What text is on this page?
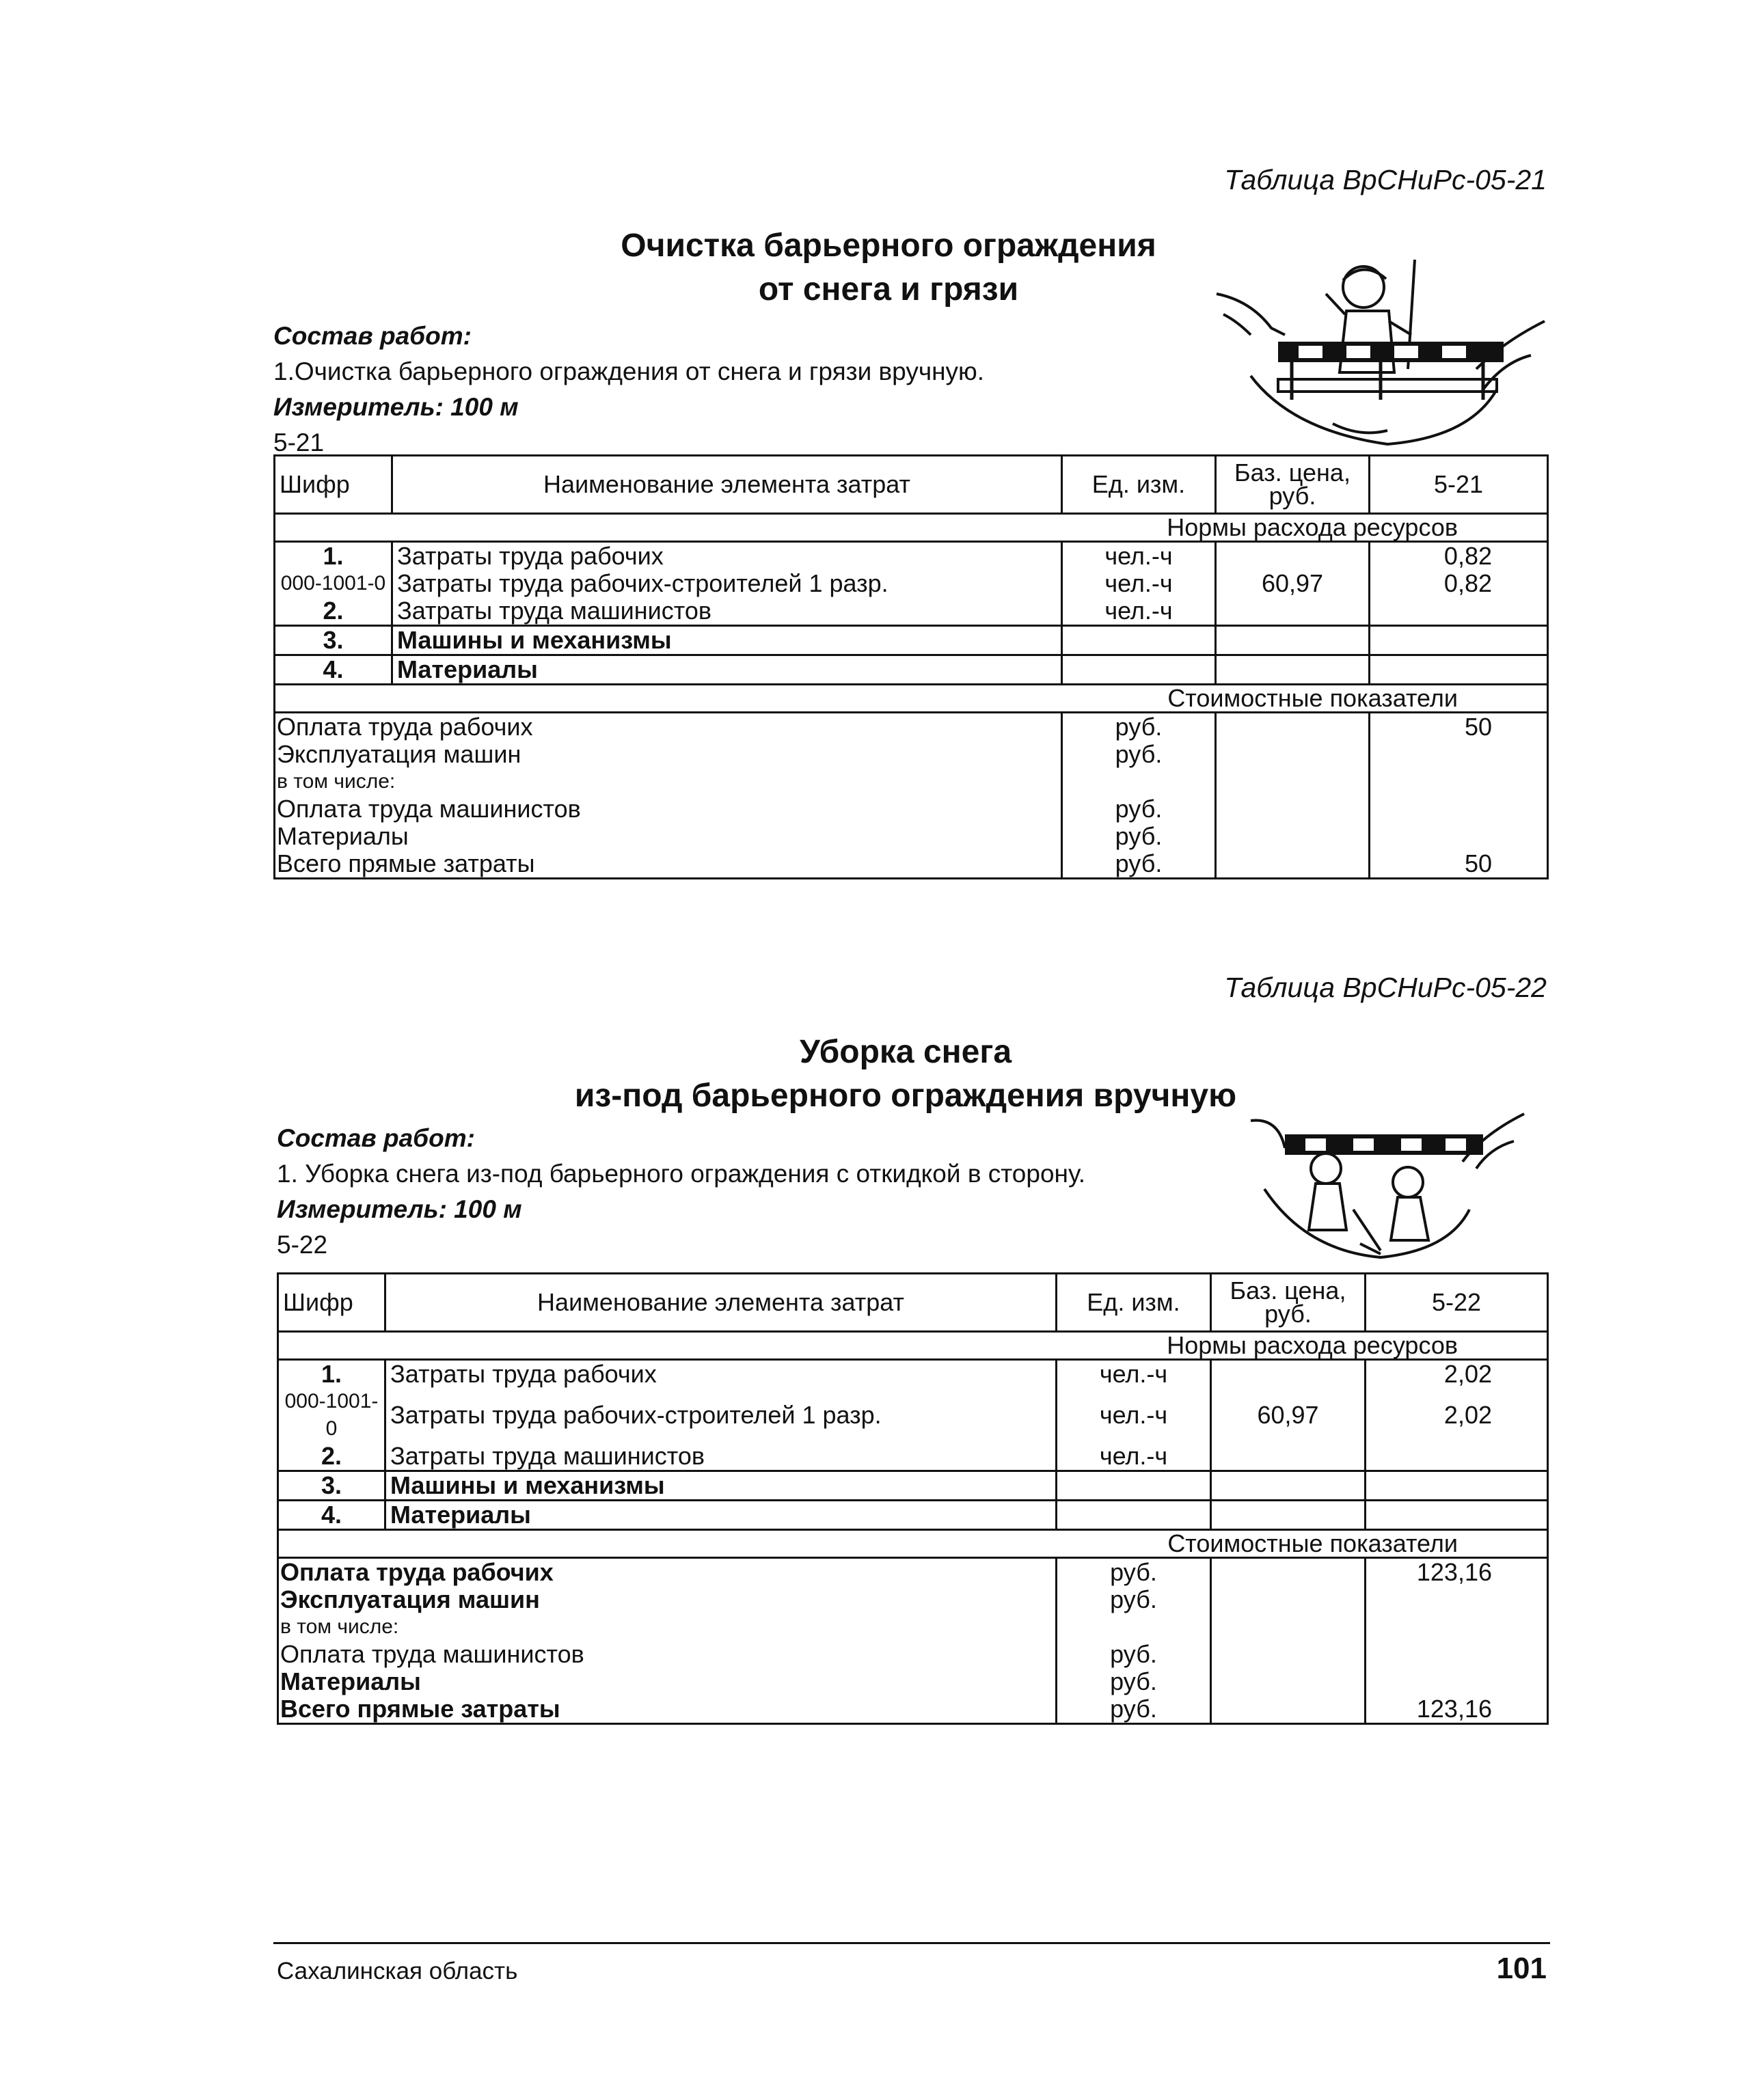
Таблица ВрСНиРс-05-21
Очистка барьерного ограждения
от снега и грязи
Состав работ:
1.Очистка барьерного ограждения от снега и грязи вручную.
Измеритель: 100 м
5-21
Шифр	Наименование элемента затрат	Ед. изм.	Баз. цена, руб.	5-21
Нормы расхода ресурсов				
1.	Затраты труда рабочих	чел.-ч		0,82
000-1001-0	Затраты труда рабочих-строителей 1 разр.	чел.-ч	60,97	0,82
2.	Затраты труда машинистов	чел.-ч		
3.	Машины и механизмы			
4.	Материалы			
Стоимостные показатели				
Оплата труда рабочих		руб.		50
Эксплуатация машин		руб.		
в том числе:				
Оплата труда машинистов		руб.		
Материалы		руб.		
Всего прямые затраты		руб.		50
Таблица ВрСНиРс-05-22
Уборка снега
из-под барьерного ограждения вручную
Состав работ:
1. Уборка снега из-под барьерного ограждения с откидкой в сторону.
Измеритель: 100 м
5-22
Шифр	Наименование элемента затрат	Ед. изм.	Баз. цена, руб.	5-22
Нормы расхода ресурсов				
1.	Затраты труда рабочих	чел.-ч		2,02
000-1001-0	Затраты труда рабочих-строителей 1 разр.	чел.-ч	60,97	2,02
2.	Затраты труда машинистов	чел.-ч		
3.	Машины и механизмы			
4.	Материалы			
Стоимостные показатели				
Оплата труда рабочих		руб.		123,16
Эксплуатация машин		руб.		
в том числе:				
Оплата труда машинистов		руб.		
Материалы		руб.		
Всего прямые затраты		руб.		123,16
Сахалинская область	101
